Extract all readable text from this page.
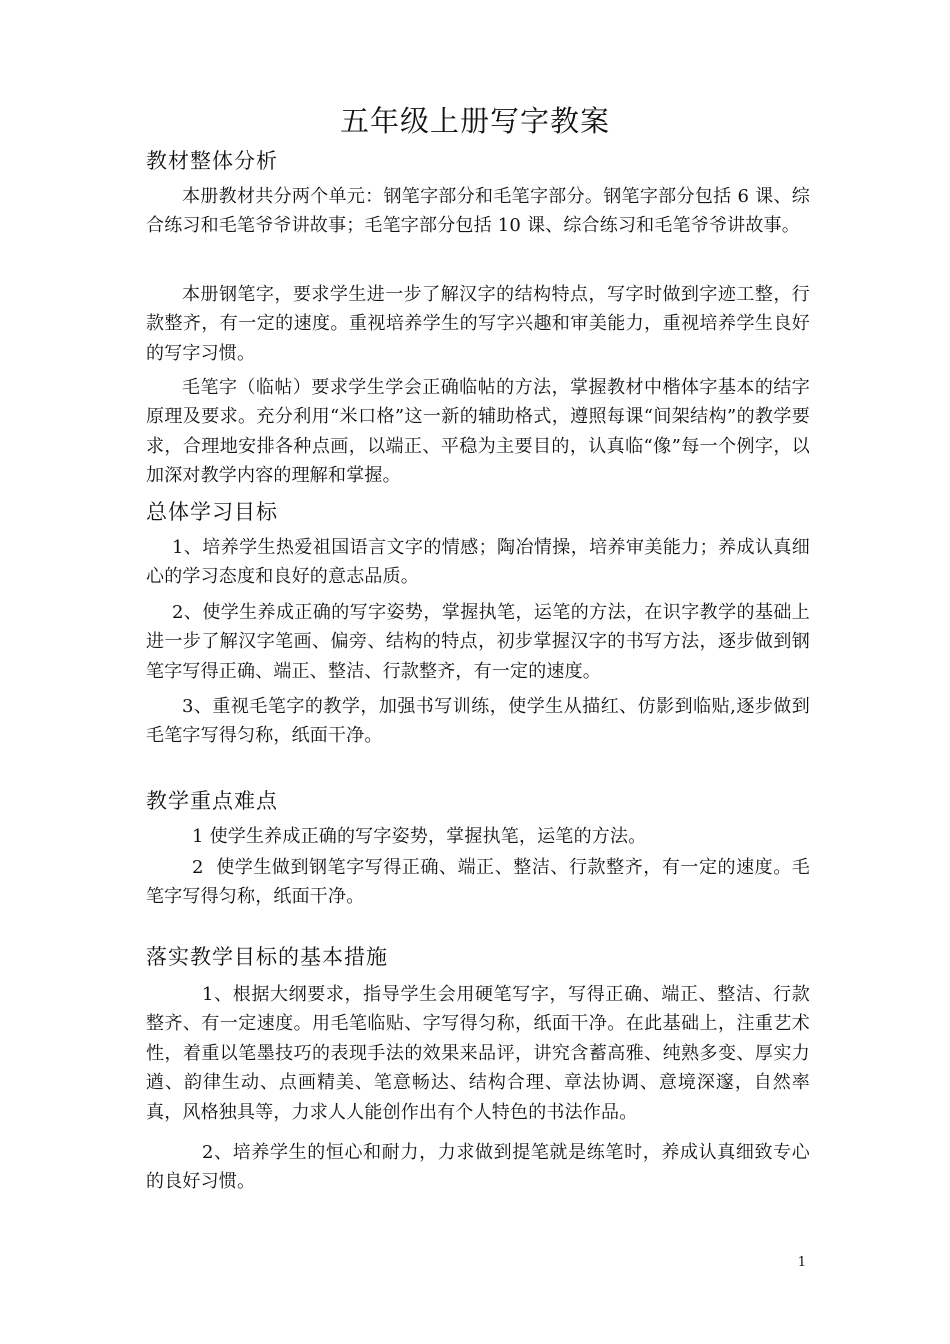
五年级上册写字教案
教材整体分析
本册教材共分两个单元：钢笔字部分和毛笔字部分。钢笔字部分包括 6 课、综合练习和毛笔爷爷讲故事；毛笔字部分包括 10 课、综合练习和毛笔爷爷讲故事。
本册钢笔字，要求学生进一步了解汉字的结构特点，写字时做到字迹工整，行款整齐，有一定的速度。重视培养学生的写字兴趣和审美能力，重视培养学生良好的写字习惯。
毛笔字（临帖）要求学生学会正确临帖的方法，掌握教材中楷体字基本的结字原理及要求。充分利用“米口格”这一新的辅助格式，遵照每课“间架结构”的教学要求，合理地安排各种点画，以端正、平稳为主要目的，认真临“像”每一个例字，以加深对教学内容的理解和掌握。
总体学习目标
1、培养学生热爱祖国语言文字的情感；陶冶情操，培养审美能力；养成认真细心的学习态度和良好的意志品质。
2、使学生养成正确的写字姿势，掌握执笔，运笔的方法，在识字教学的基础上进一步了解汉字笔画、偏旁、结构的特点，初步掌握汉字的书写方法，逐步做到钢笔字写得正确、端正、整洁、行款整齐，有一定的速度。
3、重视毛笔字的教学，加强书写训练，使学生从描红、仿影到临贴,逐步做到毛笔字写得匀称，纸面干净。
教学重点难点
1 使学生养成正确的写字姿势，掌握执笔，运笔的方法。
2  使学生做到钢笔字写得正确、端正、整洁、行款整齐，有一定的速度。毛笔字写得匀称，纸面干净。
落实教学目标的基本措施
1、根据大纲要求，指导学生会用硬笔写字，写得正确、端正、整洁、行款整齐、有一定速度。用毛笔临贴、字写得匀称，纸面干净。在此基础上，注重艺术性，着重以笔墨技巧的表现手法的效果来品评，讲究含蓄高雅、纯熟多变、厚实力遒、韵律生动、点画精美、笔意畅达、结构合理、章法协调、意境深邃，自然率真，风格独具等，力求人人能创作出有个人特色的书法作品。
2、培养学生的恒心和耐力，力求做到提笔就是练笔时，养成认真细致专心的良好习惯。
1
